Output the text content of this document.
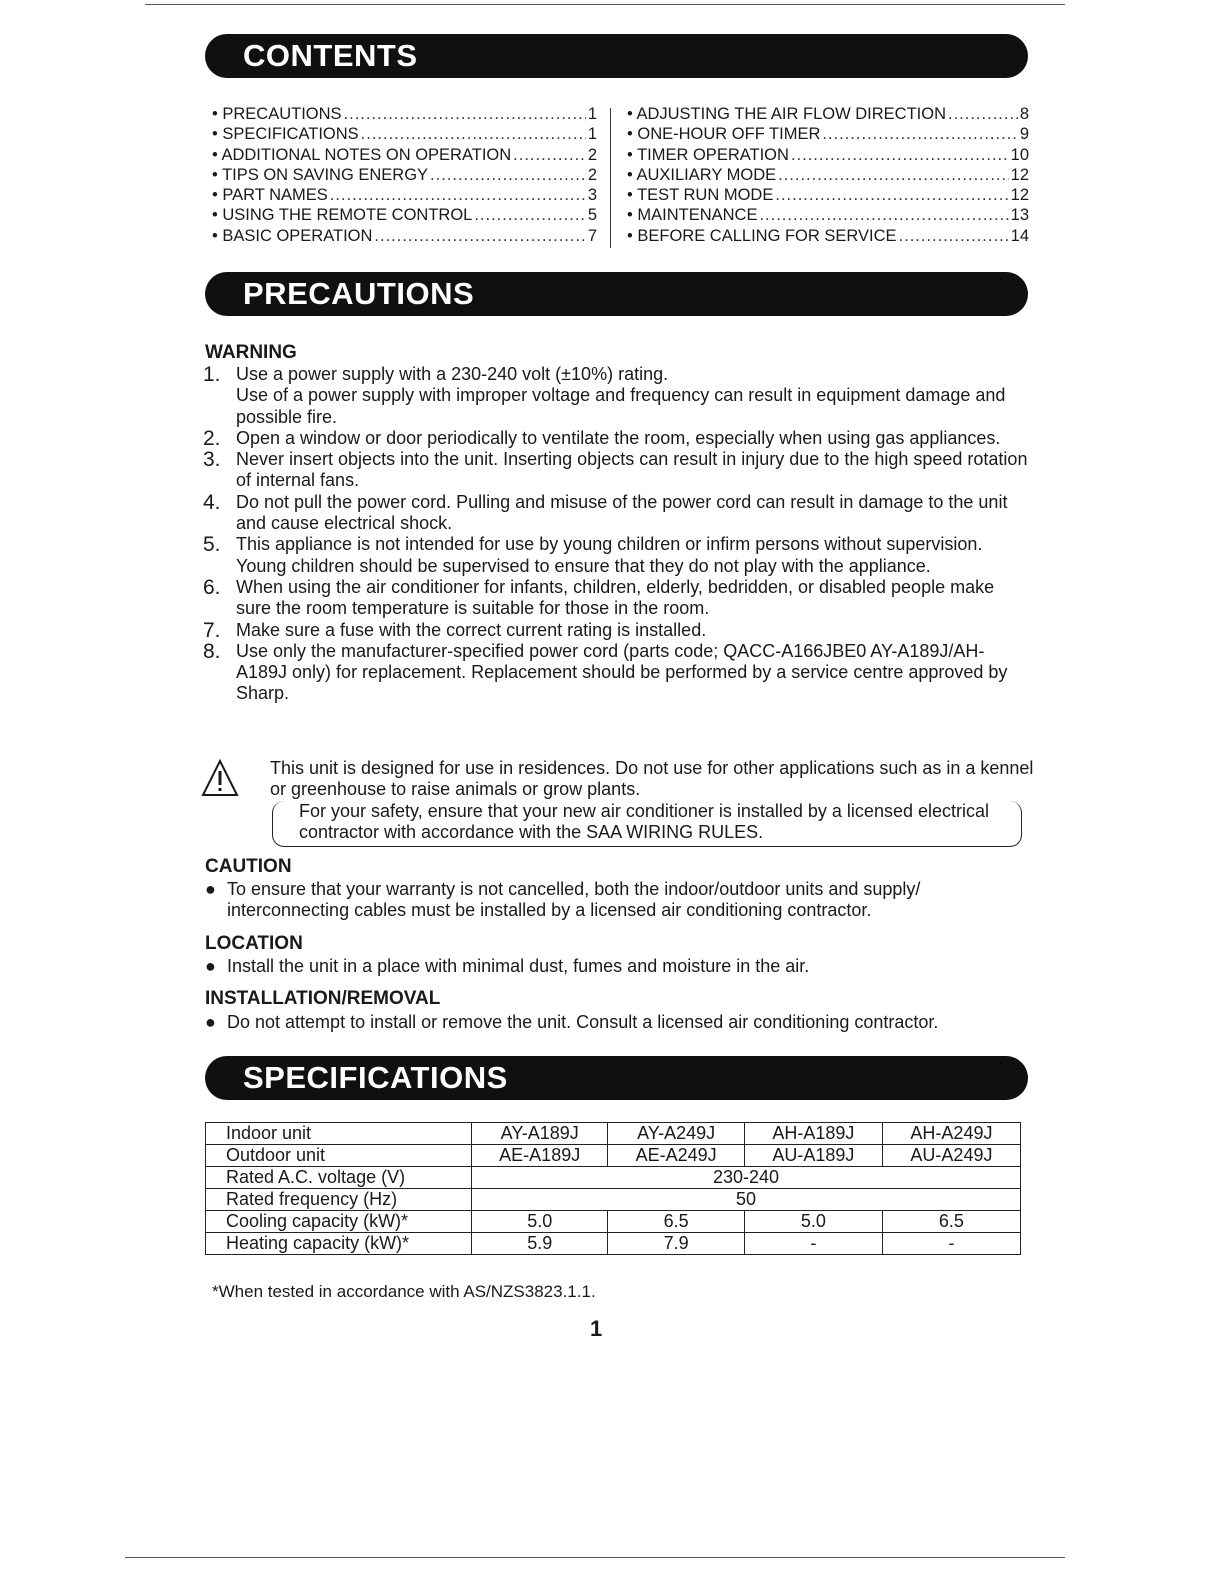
CONTENTS
• PRECAUTIONS .....	1
• SPECIFICATIONS .....	1
• ADDITIONAL NOTES ON OPERATION .....	2
• TIPS ON SAVING ENERGY .....	2
• PART NAMES .....	3
• USING THE REMOTE CONTROL .....	5
• BASIC OPERATION .....	7
• ADJUSTING THE AIR FLOW DIRECTION .....	8
• ONE-HOUR OFF TIMER .....	9
• TIMER OPERATION .....	10
• AUXILIARY MODE .....	12
• TEST RUN MODE .....	12
• MAINTENANCE .....	13
• BEFORE CALLING FOR SERVICE .....	14
PRECAUTIONS
WARNING
1. Use a power supply with a 230-240 volt (±10%) rating.
Use of a power supply with improper voltage and frequency can result in equipment damage and possible fire.
2. Open a window or door periodically to ventilate the room, especially when using gas appliances.
3. Never insert objects into the unit. Inserting objects can result in injury due to the high speed rotation of internal fans.
4. Do not pull the power cord. Pulling and misuse of the power cord can result in damage to the unit and cause electrical shock.
5. This appliance is not intended for use by young children or infirm persons without supervision.
Young children should be supervised to ensure that they do not play with the appliance.
6. When using the air conditioner for infants, children, elderly, bedridden, or disabled people make sure the room temperature is suitable for those in the room.
7. Make sure a fuse with the correct current rating is installed.
8. Use only the manufacturer-specified power cord (parts code; QACC-A166JBE0 AY-A189J/AH-A189J only) for replacement. Replacement should be performed by a service centre approved by Sharp.
This unit is designed for use in residences. Do not use for other applications such as in a kennel or greenhouse to raise animals or grow plants.
For your safety, ensure that your new air conditioner is installed by a licensed electrical contractor with accordance with the SAA WIRING RULES.
CAUTION
● To ensure that your warranty is not cancelled, both the indoor/outdoor units and supply/ interconnecting cables must be installed by a licensed air conditioning contractor.
LOCATION
● Install the unit in a place with minimal dust, fumes and moisture in the air.
INSTALLATION/REMOVAL
● Do not attempt to install or remove the unit. Consult a licensed air conditioning contractor.
SPECIFICATIONS
Indoor unit	AY-A189J	AY-A249J	AH-A189J	AH-A249J
Outdoor unit	AE-A189J	AE-A249J	AU-A189J	AU-A249J
Rated A.C. voltage (V)	230-240			
Rated frequency (Hz)	50			
Cooling capacity (kW)*	5.0	6.5	5.0	6.5
Heating capacity (kW)*	5.9	7.9	-	-
*When tested in accordance with AS/NZS3823.1.1.
1
